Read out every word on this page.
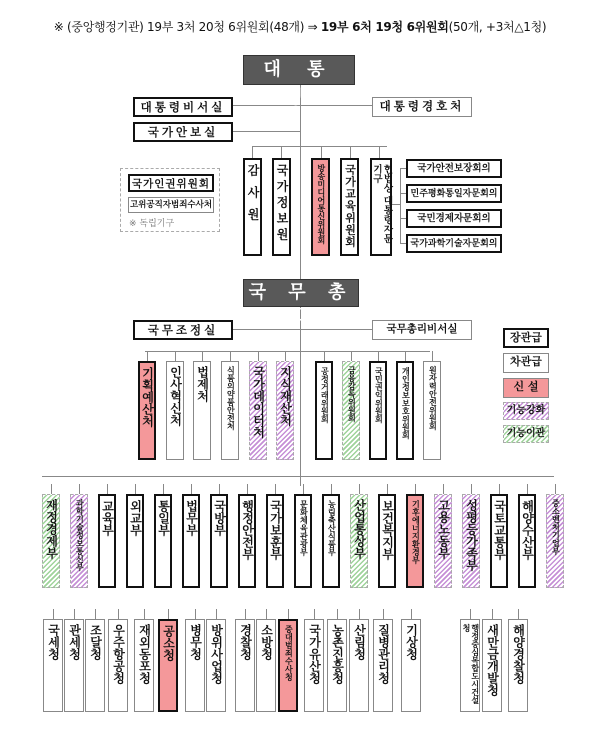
※ (중앙행정기관) 19부 3처 20청 6위원회(48개) ⇒ 19부 6처 19청 6위원회(50개, +3처△1청)
대 통 령
대통령비서실
국가안보실
대통령경호처
국가인권위원회
고위공직자범죄수사처
※ 독립기구	감사원 국가정보원	방송미디어통신위원회 국가교육위원회	헌법상 대통령자문기구	국가안전보장회의
민주평화통일자문회의
국민경제자문회의
국가과학기술자문회의
국 무 총 리
국무조정실	국무총리비서실
장관급
차관급
신 설
기능강화
기능이관
기획예산처 인사혁신처 법제처 식품의약품안전처 국가데이터처 지식재산처	공정거래위원회 금융감독위원회 국민권익위원회 개인정보보호위원회 원자력안전위원회
재정경제부 과학기술정보통신부 교육부 외교부 통일부 법무부 국방부 행정안전부 국가보훈부 문화체육관광부 농림축산식품부 산업통상부 보건복지부 기후에너지환경부 고용노동부 성평등가족부 국토교통부 해양수산부 중소벤처기업부
국세청 관세청 조달청 우주항공청 재외동포청 공소청 병무청 방위사업청 경찰청 소방청 중대범죄수사청 국가유산청 농촌진흥청 산림청 질병관리청 기상청	행정중심복합도시건설청	새만금개발청 해양경찰청
